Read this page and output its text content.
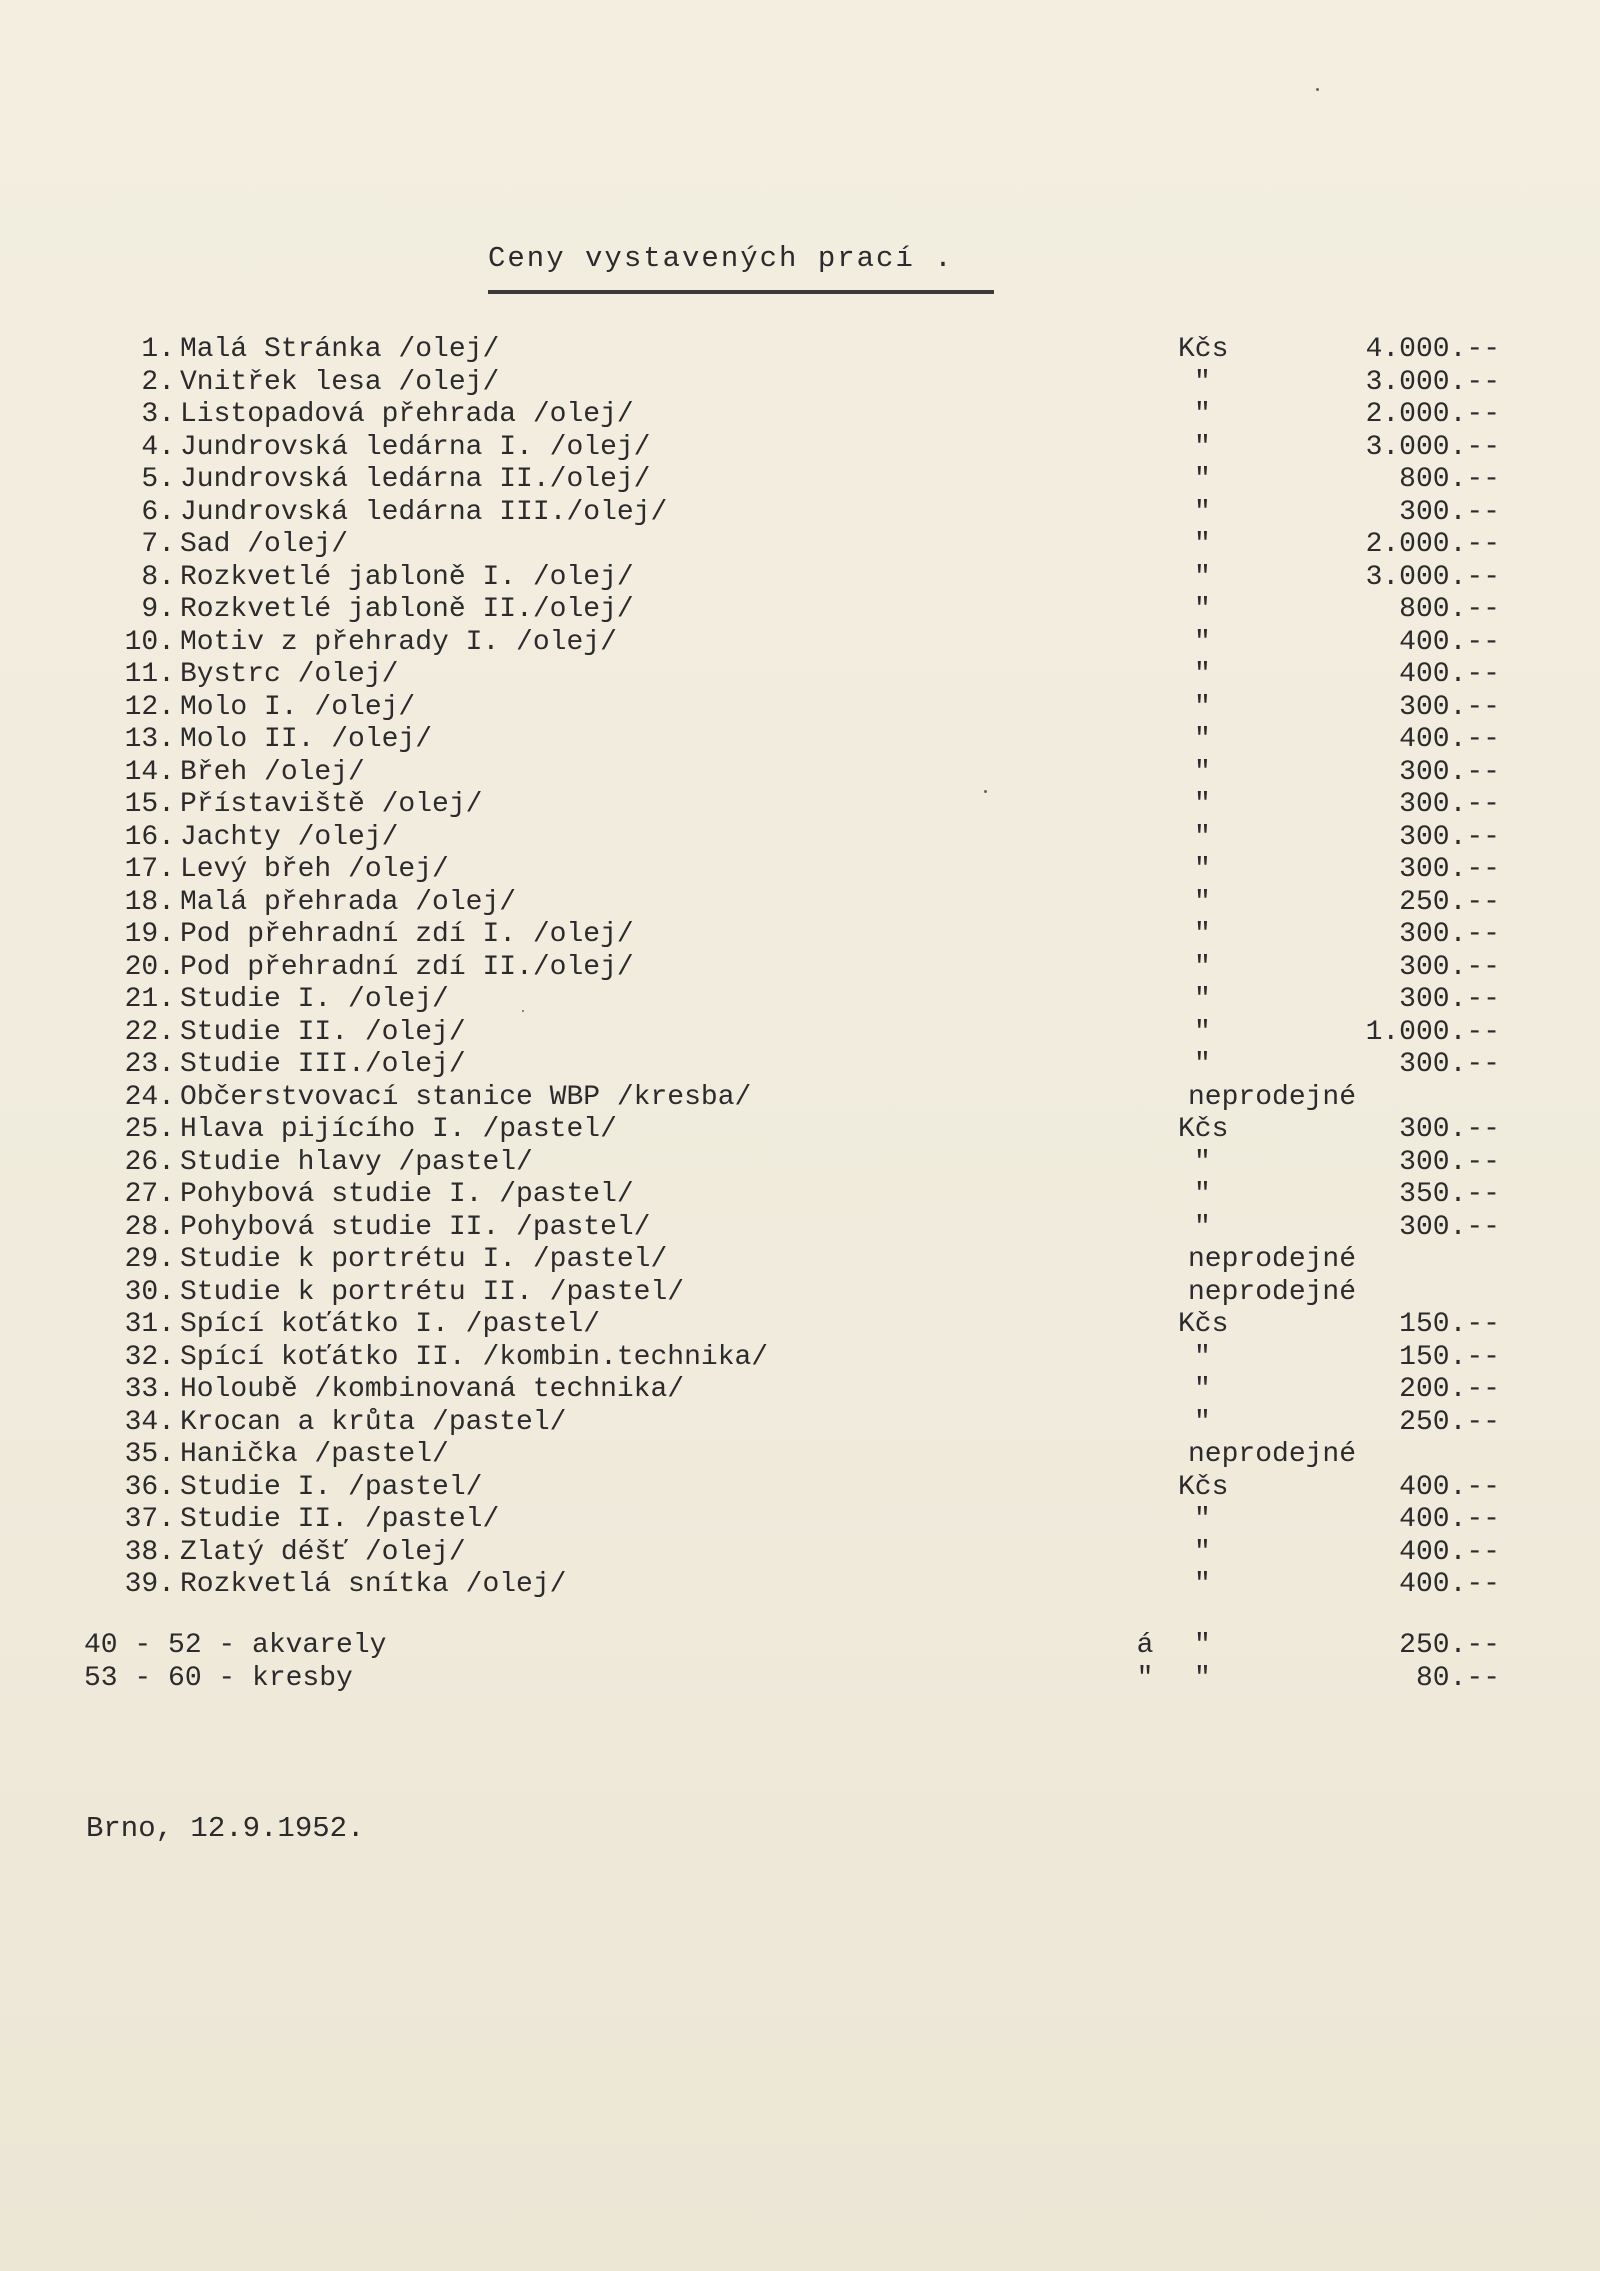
Ceny vystavených prací .
1. Malá Stránka /olej/	Kčs	4.000.--
2. Vnitřek lesa /olej/	"	3.000.--
3. Listopadová přehrada /olej/	"	2.000.--
4. Jundrovská ledárna I. /olej/	"	3.000.--
5. Jundrovská ledárna II./olej/	"	800.--
6. Jundrovská ledárna III./olej/	"	300.--
7. Sad /olej/	"	2.000.--
8. Rozkvetlé jabloně I. /olej/	"	3.000.--
9. Rozkvetlé jabloně II./olej/	"	800.--
10. Motiv z přehrady I. /olej/	"	400.--
11. Bystrc /olej/	"	400.--
12. Molo I. /olej/	"	300.--
13. Molo II. /olej/	"	400.--
14. Břeh /olej/	"	300.--
15. Přístaviště /olej/	"	300.--
16. Jachty /olej/	"	300.--
17. Levý břeh /olej/	"	300.--
18. Malá přehrada /olej/	"	250.--
19. Pod přehradní zdí I. /olej/	"	300.--
20. Pod přehradní zdí II./olej/	"	300.--
21. Studie I. /olej/	"	300.--
22. Studie II. /olej/	"	1.000.--
23. Studie III./olej/	"	300.--
24. Občerstvovací stanice WBP /kresba/	neprodejné
25. Hlava pijícího I. /pastel/	Kčs	300.--
26. Studie hlavy /pastel/	"	300.--
27. Pohybová studie I. /pastel/	"	350.--
28. Pohybová studie II. /pastel/	"	300.--
29. Studie k portrétu I. /pastel/	neprodejné
30. Studie k portrétu II. /pastel/	neprodejné
31. Spící koťátko I. /pastel/	Kčs	150.--
32. Spící koťátko II. /kombin.technika/	"	150.--
33. Holoubě /kombinovaná technika/	"	200.--
34. Krocan a krůta /pastel/	"	250.--
35. Hanička /pastel/	neprodejné
36. Studie I. /pastel/	Kčs	400.--
37. Studie II. /pastel/	"	400.--
38. Zlatý déšť /olej/	"	400.--
39. Rozkvetlá snítka /olej/	"	400.--
40 - 52 - akvarely	á	"	250.--
53 - 60 - kresby	"	"	80.--
Brno, 12.9.1952.
